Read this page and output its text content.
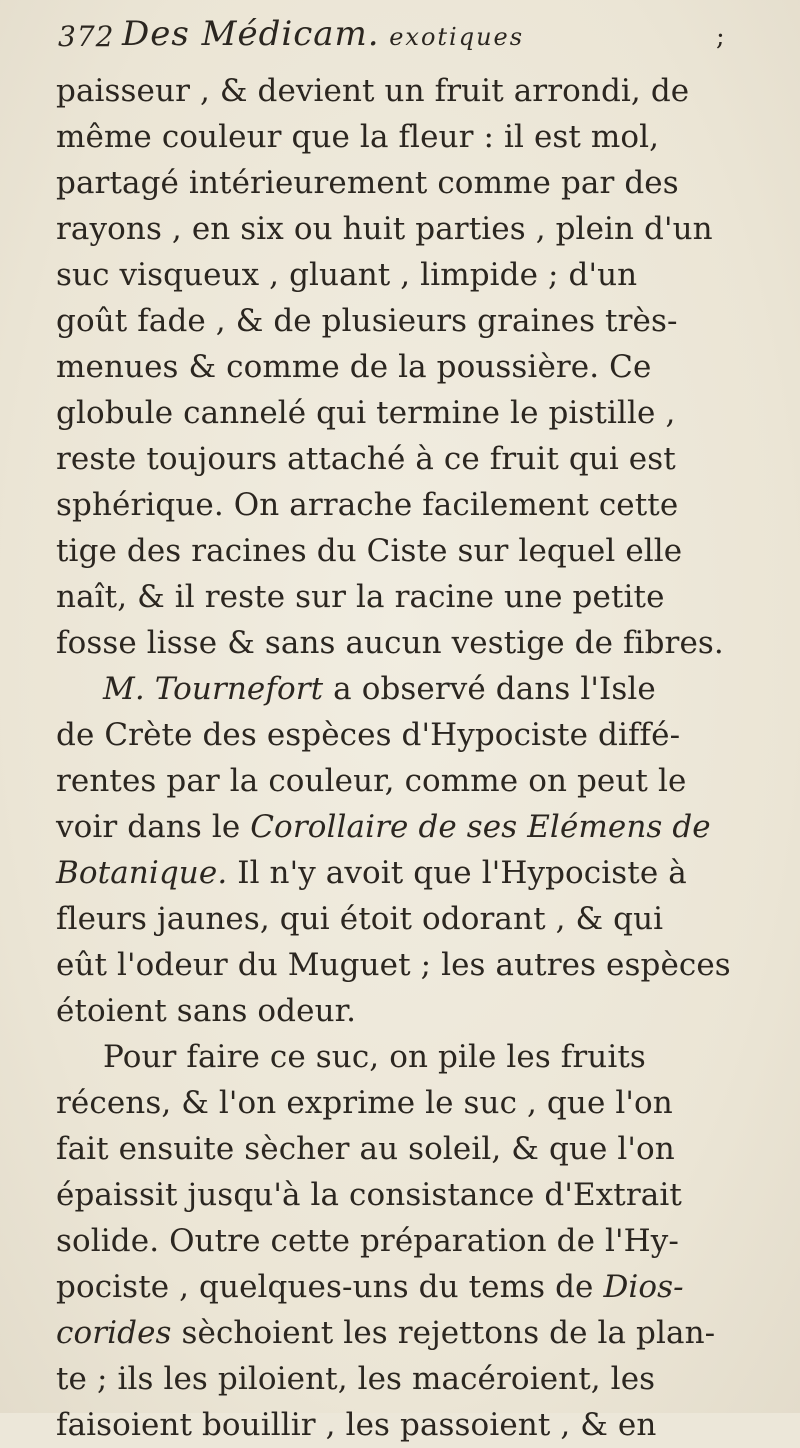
372 Des Médicam. exotiques	;
paisseur , & devient un fruit arrondi, de
même couleur que la fleur : il est mol,
partagé intérieurement comme par des
rayons , en six ou huit parties , plein d'un
suc visqueux , gluant , limpide ; d'un
goût fade , & de plusieurs graines très-
menues & comme de la poussière. Ce
globule cannelé qui termine le pistille ,
reste toujours attaché à ce fruit qui est
sphérique. On arrache facilement cette
tige des racines du Ciste sur lequel elle
naît, & il reste sur la racine une petite
fosse lisse & sans aucun vestige de fibres.
M. Tournefort a observé dans l'Isle
de Crète des espèces d'Hypociste diffé-
rentes par la couleur, comme on peut le
voir dans le Corollaire de ses Elémens de
Botanique. Il n'y avoit que l'Hypociste à
fleurs jaunes, qui étoit odorant , & qui
eût l'odeur du Muguet ; les autres espèces
étoient sans odeur.
Pour faire ce suc, on pile les fruits
récens, & l'on exprime le suc , que l'on
fait ensuite sècher au soleil, & que l'on
épaissit jusqu'à la consistance d'Extrait
solide. Outre cette préparation de l'Hy-
pociste , quelques-uns du tems de Dios-
corides sèchoient les rejettons de la plan-
te ; ils les piloient, les macéroient, les
faisoient bouillir , les passoient , & en
